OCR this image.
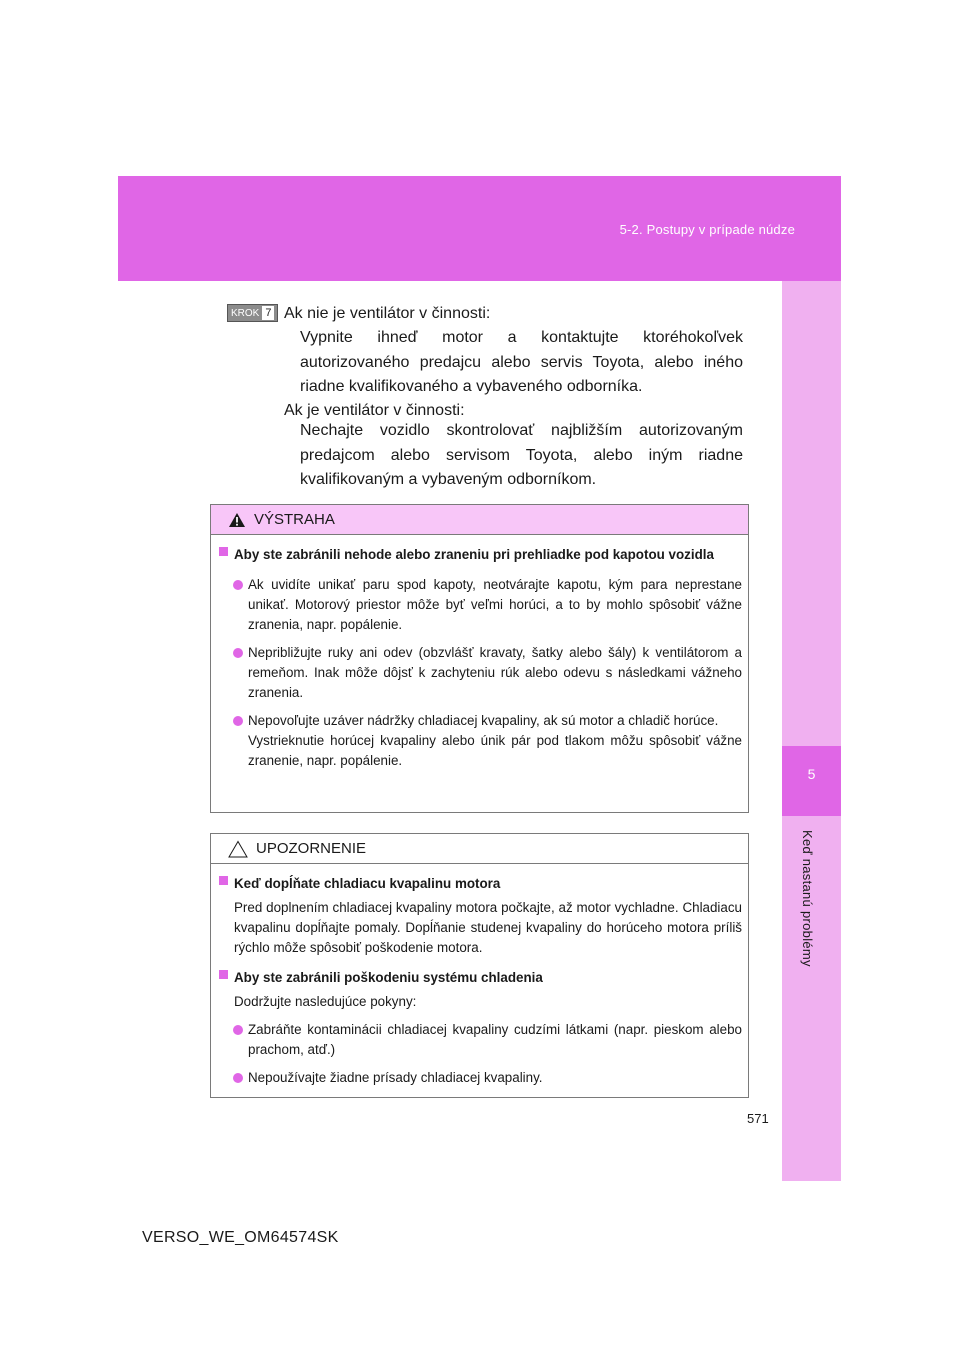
5-2. Postupy v prípade núdze
5
Keď nastanú problémy
KROK 7 Ak nie je ventilátor v činnosti:
Vypnite ihneď motor a kontaktujte ktoréhokoľvek autorizovaného predajcu alebo servis Toyota, alebo iného riadne kvalifikovaného a vybaveného odborníka.
Ak je ventilátor v činnosti:
Nechajte vozidlo skontrolovať najbližším autorizovaným predajcom alebo servisom Toyota, alebo iným riadne kvalifikovaným a vybaveným odborníkom.
VÝSTRAHA
Aby ste zabránili nehode alebo zraneniu pri prehliadke pod kapotou vozidla
Ak uvidíte unikať paru spod kapoty, neotvárajte kapotu, kým para neprestane unikať. Motorový priestor môže byť veľmi horúci, a to by mohlo spôsobiť vážne zranenia, napr. popálenie.
Nepribližujte ruky ani odev (obzvlášť kravaty, šatky alebo šály) k ventilátorom a remeňom. Inak môže dôjsť k zachyteniu rúk alebo odevu s následkami vážneho zranenia.
Nepovoľujte uzáver nádržky chladiacej kvapaliny, ak sú motor a chladič horúce.
Vystrieknutie horúcej kvapaliny alebo únik pár pod tlakom môžu spôsobiť vážne zranenie, napr. popálenie.
UPOZORNENIE
Keď dopĺňate chladiacu kvapalinu motora
Pred doplnením chladiacej kvapaliny motora počkajte, až motor vychladne. Chladiacu kvapalinu dopĺňajte pomaly. Dopĺňanie studenej kvapaliny do horúceho motora príliš rýchlo môže spôsobiť poškodenie motora.
Aby ste zabránili poškodeniu systému chladenia
Dodržujte nasledujúce pokyny:
Zabráňte kontaminácii chladiacej kvapaliny cudzími látkami (napr. pieskom alebo prachom, atď.)
Nepoužívajte žiadne prísady chladiacej kvapaliny.
571
VERSO_WE_OM64574SK
